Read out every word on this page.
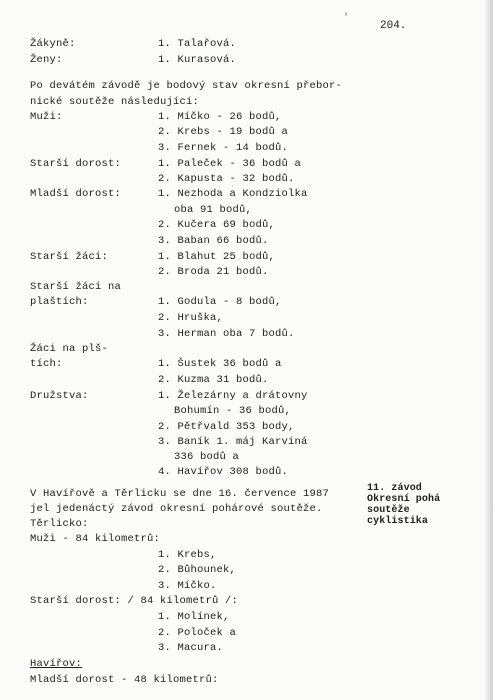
'
204.
Žákyně:	1. Talařová.
Ženy:	1. Kurasová.
Po devátém závodě je bodový stav okresní přebor-
nické soutěže následující:
Muži:	1. Míčko - 26 bodů,
2. Krebs - 19 bodů a
3. Fernek - 14 bodů.
Starší dorost:	1. Paleček - 36 bodů a
2. Kapusta - 32 bodů.
Mladší dorost:	1. Nezhoda a Kondziolka
oba 91 bodů,
2. Kučera 69 bodů,
3. Baban 66 bodů.
Starší žáci:	1. Blahut 25 bodů,
2. Broda 21 bodů.
Starší žáci na
plaštích:	1. Godula - 8 bodů,
2. Hruška,
3. Herman oba 7 bodů.
Žáci na plš-
tích:	1. Šustek 36 bodů a
2. Kuzma 31 bodů.
Družstva:	1. Železárny a drátovny
Bohumín - 36 bodů,
2. Pětřvald 353 body,
3. Baník 1. máj Karviná
336 bodů a
4. Havířov 308 bodů.
V Havířově a Těrlicku se dne 16. července 1987
jel jedenáctý závod okresní pohárové soutěže.
Těrlicko:
Muži - 84 kilometrů:
1. Krebs,
2. Bůhounek,
3. Míčko.
Starší dorost: / 84 kilometrů /:
1. Molínek,
2. Poloček a
3. Macura.
Havířov:
Mladší dorost - 48 kilometrů:
11. závod
Okresní pohá
soutěže
cyklistika
